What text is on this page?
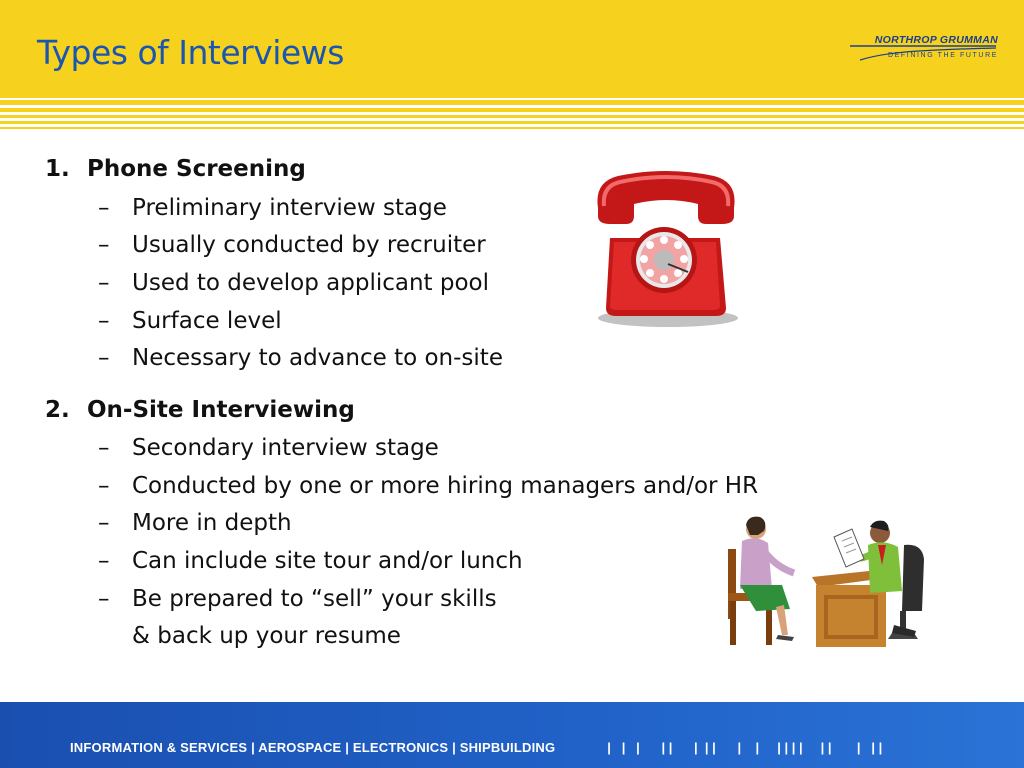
Types of Interviews	NORTHROP GRUMMAN
DEFINING THE FUTURE
1. Phone Screening
– Preliminary interview stage
– Usually conducted by recruiter
– Used to develop applicant pool
– Surface level
– Necessary to advance to on-site
2. On-Site Interviewing
– Secondary interview stage
– Conducted by one or more hiring managers and/or HR
– More in depth
– Can include site tour and/or lunch
– Be prepared to “sell” your skills
& back up your resume
INFORMATION & SERVICES | AEROSPACE | ELECTRONICS | SHIPBUILDING	|   |   |      | |      |  | |      |    |     | | | |     | |       |   | |
